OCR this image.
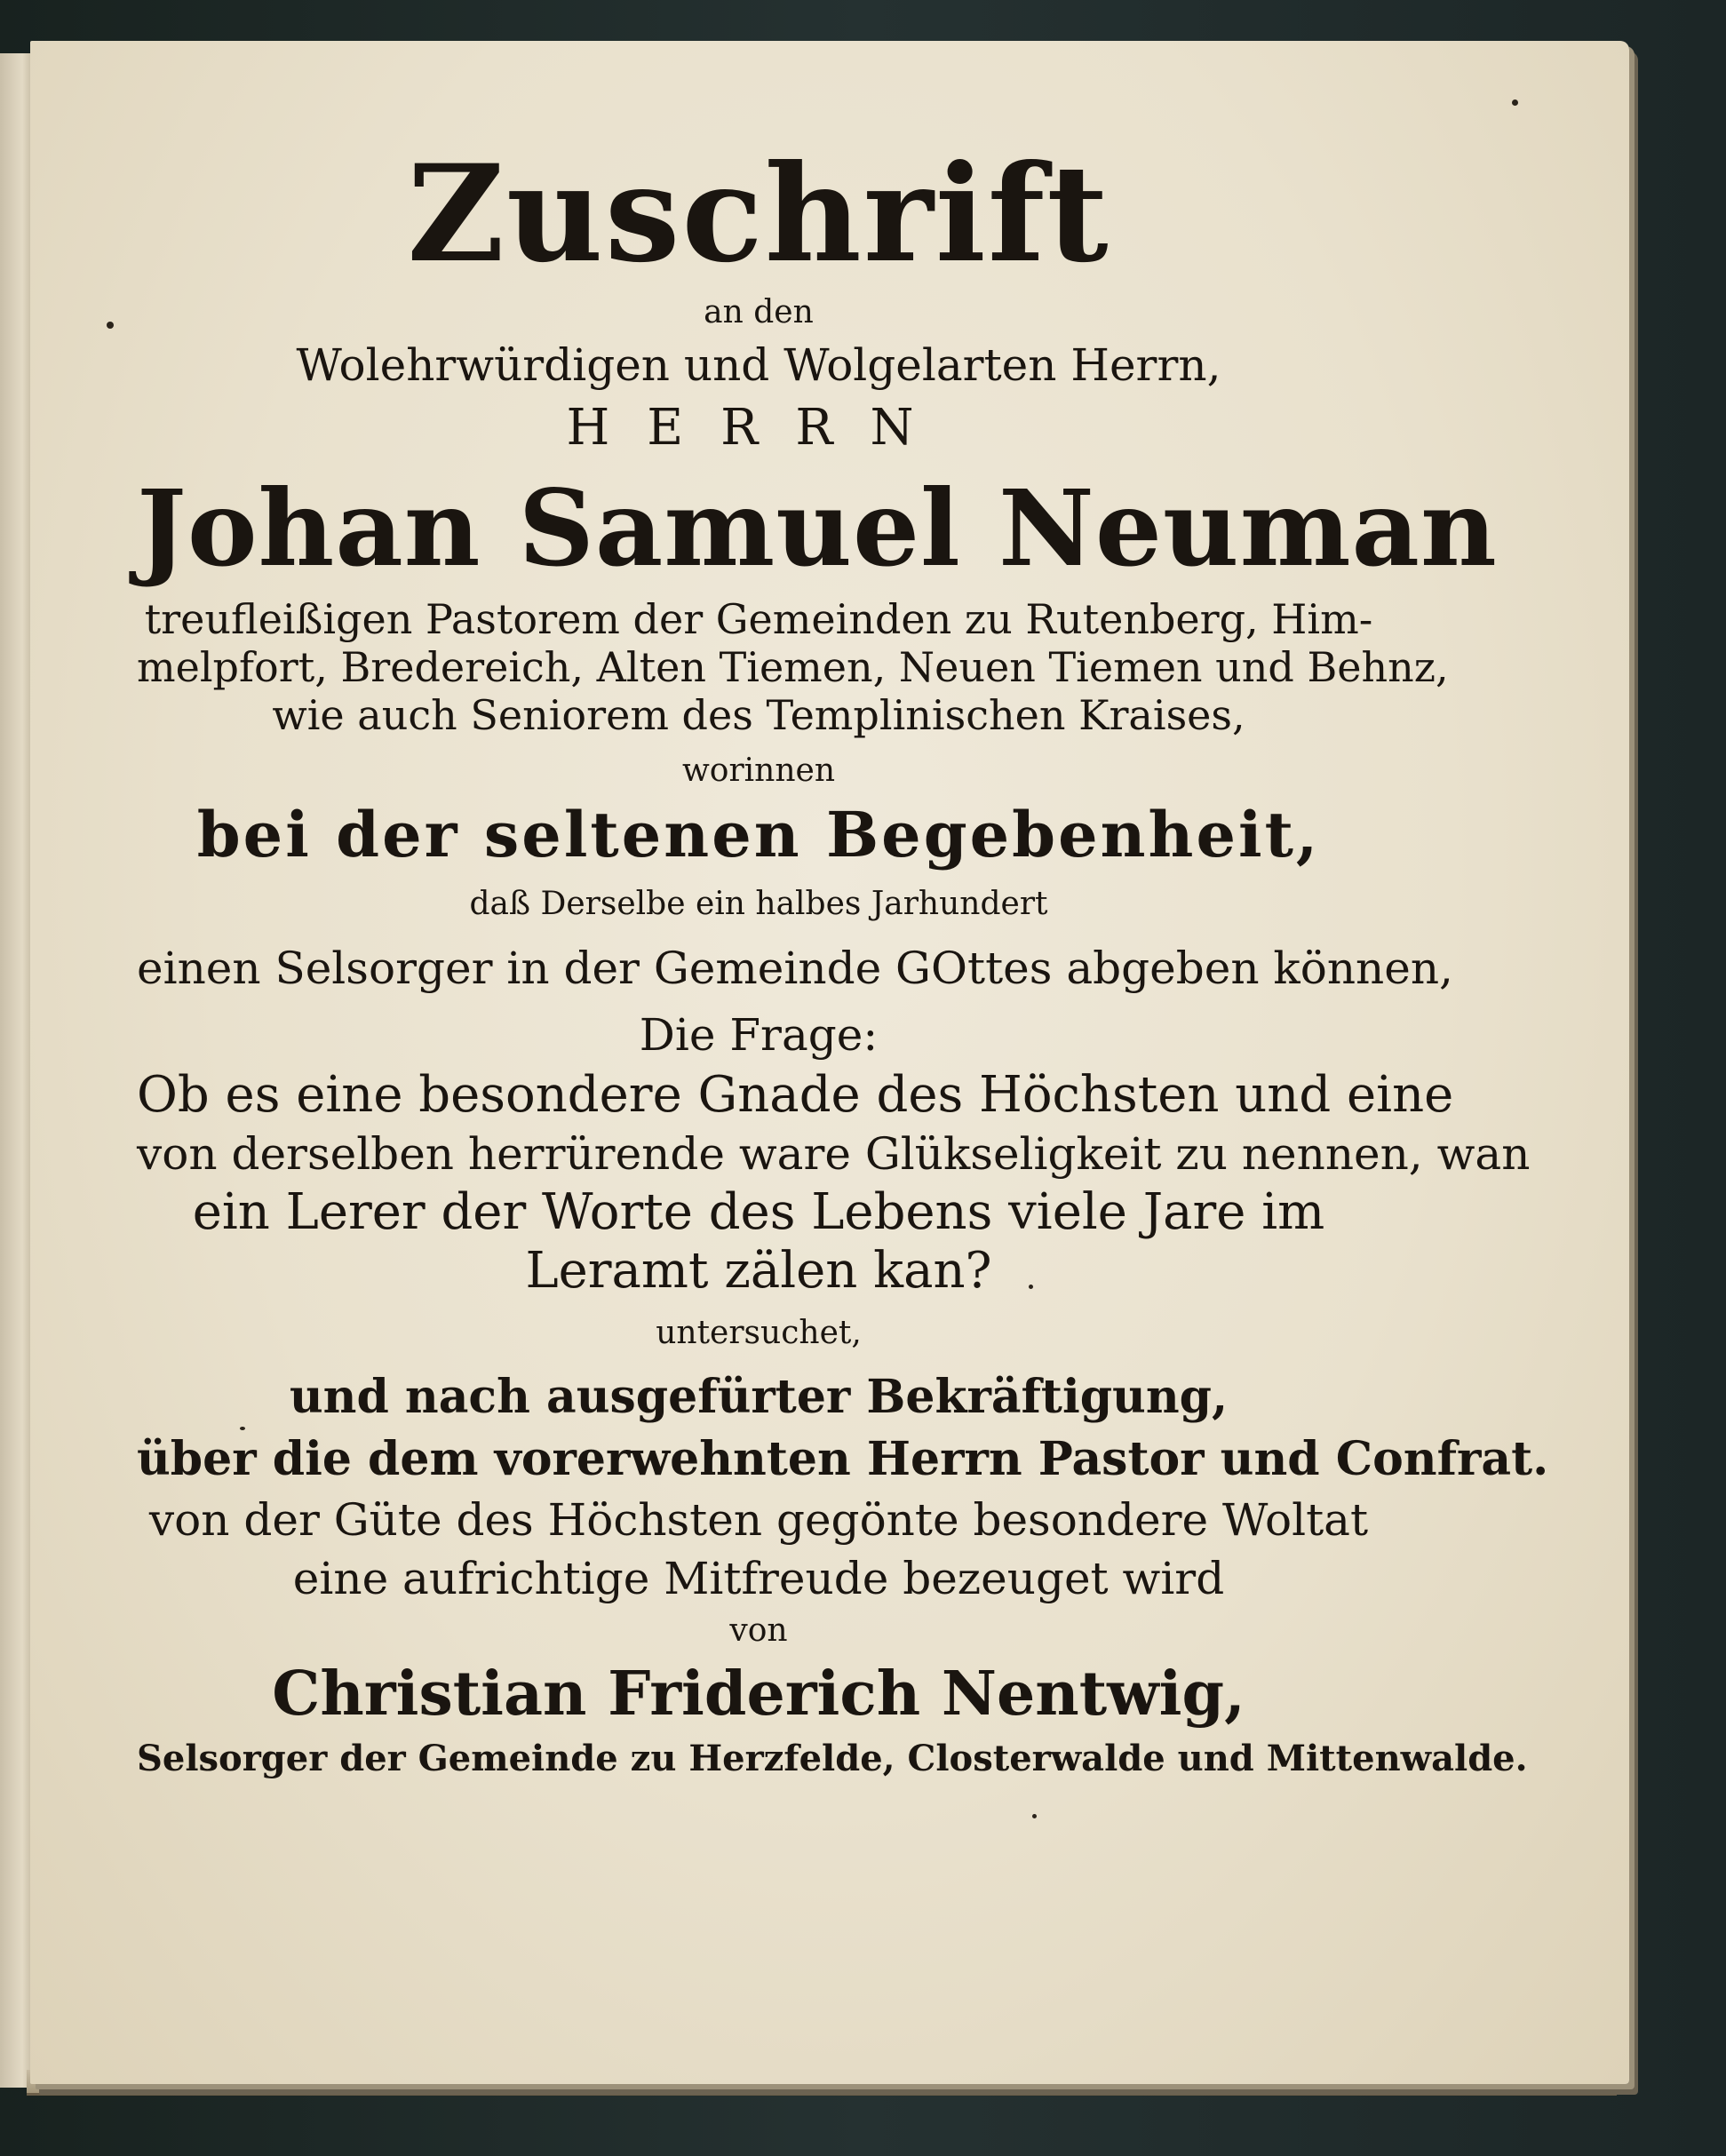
Zuschrift
an den
Wolehrwürdigen und Wolgelarten Herrn,
HERRN
Johan Samuel Neuman
treufleißigen Pastorem der Gemeinden zu Rutenberg, Him-
melpfort, Bredereich, Alten Tiemen, Neuen Tiemen und Behnz,
wie auch Seniorem des Templinischen Kraises,
worinnen
bei der seltenen Begebenheit,
daß Derselbe ein halbes Jarhundert
einen Selsorger in der Gemeinde GOttes abgeben können,
Die Frage:
Ob es eine besondere Gnade des Höchsten und eine
von derselben herrürende ware Glükseligkeit zu nennen, wan
ein Lerer der Worte des Lebens viele Jare im
Leramt zälen kan?
untersuchet,
und nach ausgefürter Bekräftigung,
über die dem vorerwehnten Herrn Pastor und Confrat.
von der Güte des Höchsten gegönte besondere Woltat
eine aufrichtige Mitfreude bezeuget wird
von
Christian Friderich Nentwig,
Selsorger der Gemeinde zu Herzfelde, Closterwalde und Mittenwalde.
